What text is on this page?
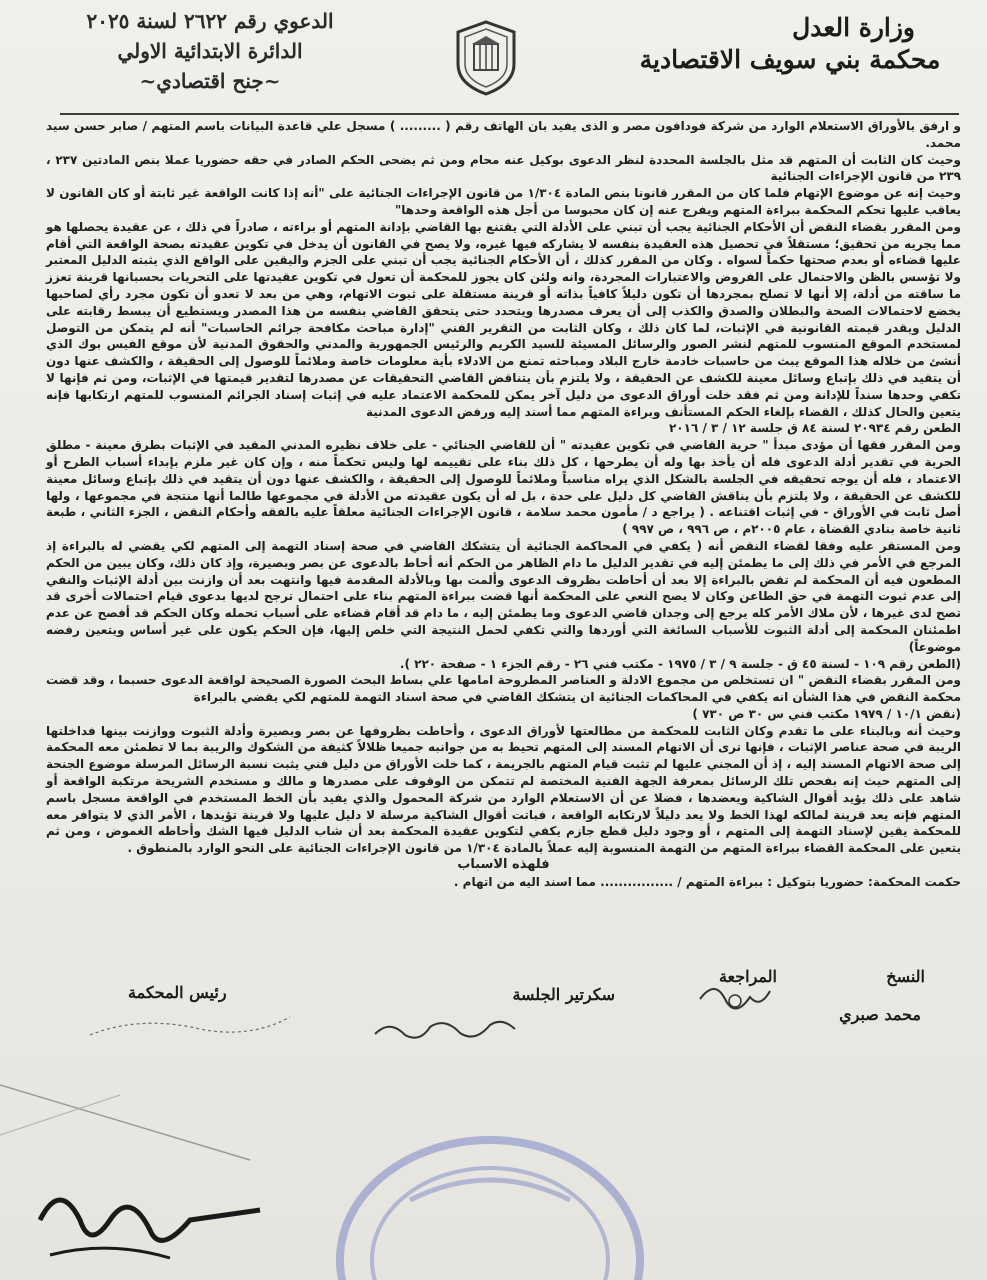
وزارة العدل
محكمة بني سويف الاقتصادية
الدعوي رقم ٢٦٢٢ لسنة ٢٠٢٥
الدائرة الابتدائية الاولي
~جنح اقتصادي~

و ارفق بالأوراق الاستعلام الوارد من شركة فودافون مصر و الذى يفيد بان الهاتف رقم ( ......... ) مسجل علي قاعدة البيانات باسم المتهم / صابر حسن سيد محمد.

وحيث كان الثابت أن المتهم قد مثل بالجلسة المحددة لنظر الدعوى بوكيل عنه محام ومن ثم يضحى الحكم الصادر في حقه حضوريا عملا بنص المادتين ٢٣٧ ، ٢٣٩ من قانون الإجراءات الجنائية

وحيث إنه عن موضوع الإتهام فلما كان من المقرر قانونا بنص المادة ١/٣٠٤ من قانون الإجراءات الجنائية على "أنه إذا كانت الواقعة غير ثابتة أو كان القانون لا يعاقب عليها تحكم المحكمة ببراءة المتهم ويفرج عنه إن كان محبوسا من أجل هذه الواقعة وحدها"

ومن المقرر بقضاء النقض أن الأحكام الجنائية يجب أن تبني على الأدلة التي يقتنع بها القاضي بإدانة المتهم أو براءته ، صادراً في ذلك ، عن عقيدة يحصلها هو مما يجريه من تحقيق؛ مستقلاً في تحصيل هذه العقيدة بنفسه لا يشاركه فيها غيره، ولا يصح في القانون أن يدخل في تكوين عقيدته بصحة الواقعة التي أقام عليها قضاءه أو بعدم صحتها حكماً لسواه . وكان من المقرر كذلك ، أن الأحكام الجنائية يجب أن تبني على الجزم واليقين على الواقع الذي يثبته الدليل المعتبر ولا تؤسس بالظن والاحتمال على الفروض والاعتبارات المجردة، وانه ولئن كان يجوز للمحكمة أن تعول في تكوين عقيدتها على التحريات بحسبانها قرينة تعزز ما ساقته من أدلة، إلا أنها لا تصلح بمجردها أن تكون دليلاً كافياً بذاته أو قرينة مستقلة على ثبوت الاتهام، وهي من بعد لا تعدو أن تكون مجرد رأي لصاحبها يخضع لاحتمالات الصحة والبطلان والصدق والكذب إلى أن يعرف مصدرها ويتحدد حتى يتحقق القاضي بنفسه من هذا المصدر ويستطيع أن يبسط رقابته على الدليل ويقدر قيمته القانونية في الإثبات، لما كان ذلك ، وكان الثابت من التقرير الفني "إدارة مباحث مكافحة جرائم الحاسبات" أنه لم يتمكن من التوصل لمستخدم الموقع المنسوب للمتهم لنشر الصور والرسائل المسيئة للسيد الكريم والرئيس الجمهورية والمدني والحقوق المدنية لأن موقع الفيس بوك الذي أنشئ من خلاله هذا الموقع يبث من حاسبات خادمة خارج البلاد ومباحثه تمنع من الادلاء بأية معلومات خاصة وملائماً للوصول إلى الحقيقة ، والكشف عنها دون أن يتقيد في ذلك بإتباع وسائل معينة للكشف عن الحقيقة ، ولا يلتزم بأن يتناقض القاضي التحقيقات عن مصدرها لتقدير قيمتها في الإثبات، ومن ثم فإنها لا تكفي وحدها سنداً للإدانة ومن ثم فقد خلت أوراق الدعوى من دليل آخر يمكن للمحكمة الاعتماد عليه في إثبات إسناد الجرائم المنسوب للمتهم ارتكابها فإنه يتعين والحال كذلك ، القضاء بإلغاء الحكم المستأنف وبراءة المتهم مما أسند إليه ورفض الدعوى المدنية

الطعن رقم ٢٠٩٣٤ لسنة ٨٤ ق جلسة ١٢ / ٣ / ٢٠١٦

ومن المقرر فقها أن مؤدى مبدأ " حرية القاضي في تكوين عقيدته " أن للقاضي الجنائي - على خلاف نظيره المدني المقيد في الإثبات بطرق معينة - مطلق الحرية في تقدير أدلة الدعوى فله أن يأخذ بها وله أن يطرحها ، كل ذلك بناء على تقييمه لها وليس تحكماً منه ، وإن كان غير ملزم بإبداء أسباب الطرح أو الاعتماد ، فله أن يوجه تحقيقه في الجلسة بالشكل الذي يراه مناسباً وملائماً للوصول إلى الحقيقة ، والكشف عنها دون أن يتقيد في ذلك بإتباع وسائل معينة للكشف عن الحقيقة ، ولا يلتزم بأن يناقش القاضي كل دليل على حدة ، بل له أن يكون عقيدته من الأدلة في مجموعها طالما أنها منتجة في مجموعها ، ولها أصل ثابت في الأوراق - في إثبات اقتناعه . ( يراجع د / مأمون محمد سلامة ، قانون الإجراءات الجنائية معلقاً عليه بالفقه وأحكام النقض ، الجزء الثاني ، طبعة ثانية خاصة بنادي القضاة ، عام ٢٠٠٥م ، ص ٩٩٦ ، ص ٩٩٧ )

ومن المستقر عليه وفقا لقضاء النقض أنه ( يكفي في المحاكمة الجنائية أن يتشكك القاضي في صحة إسناد التهمة إلى المتهم لكي يقضي له بالبراءة إذ المرجع في الأمر في ذلك إلى ما يطمئن إليه في تقدير الدليل ما دام الظاهر من الحكم أنه أحاط بالدعوى عن بصر وبصيرة، وإذ كان ذلك، وكان يبين من الحكم المطعون فيه أن المحكمة لم تقض بالبراءة إلا بعد أن أحاطت بظروف الدعوى وألمت بها وبالأدلة المقدمة فيها وانتهت بعد أن وازنت بين أدلة الإثبات والنفي إلى عدم ثبوت التهمة في حق الطاعن وكان لا يصح النعي على المحكمة أنها قضت ببراءة المتهم بناء على احتمال ترجح لديها بدعوى قيام احتمالات أخرى قد تصح لدى غيرها ، لأن ملاك الأمر كله يرجع إلى وجدان قاضي الدعوى وما يطمئن إليه ، ما دام قد أقام قضاءه على أسباب تحمله وكان الحكم قد أفصح عن عدم اطمئنان المحكمة إلى أدلة الثبوت للأسباب السائغة التي أوردها والتي تكفي لحمل النتيجة التي خلص إليها، فإن الحكم يكون على غير أساس ويتعين رفضه موضوعاً)

(الطعن رقم ١٠٩ - لسنة ٤٥ ق - جلسة ٩ / ٣ / ١٩٧٥ - مكتب فني ٢٦ - رقم الجزء ١ - صفحة ٢٢٠ ).

ومن المقرر بقضاء النقض " ان تستخلص من مجموع الادلة و العناصر المطروحة امامها علي بساط البحث الصورة الصحيحة لواقعة الدعوى حسبما ، وقد قضت محكمة النقض في هذا الشأن انه يكفي في المحاكمات الجنائية ان يتشكك القاضي في صحة اسناد التهمة للمتهم لكي يقضي بالبراءة

(نقض ١٠/١ / ١٩٧٩ مكتب فني س ٣٠ ص ٧٣٠ )

وحيث أنه وبالبناء على ما تقدم وكان الثابت للمحكمة من مطالعتها لأوراق الدعوى ، وأحاطت بظروفها عن بصر وبصيرة وأدلة الثبوت ووازنت بينها فداخلتها الريبة في صحة عناصر الإثبات ، فإنها ترى أن الاتهام المسند إلى المتهم تحيط به من جوانبه جميعا ظلالاً كثيفة من الشكوك والريبة بما لا تطمئن معه المحكمة إلى صحة الاتهام المسند إليه ، إذ أن المجني عليها لم تثبت قيام المتهم بالجريمة ، كما خلت الأوراق من دليل فني يثبت نسبة الرسائل المرسلة موضوع الجنحة إلى المتهم حيث إنه بفحص تلك الرسائل بمعرفة الجهة الفنية المختصة لم تتمكن من الوقوف على مصدرها و مالك و مستخدم الشريحة مرتكبة الواقعة أو شاهد على ذلك يؤيد أقوال الشاكية ويعضدها ، فضلا عن أن الاستعلام الوارد من شركة المحمول والذي يفيد بأن الخط المستخدم في الواقعة مسجل باسم المتهم فإنه يعد قرينة لمالكه لهذا الخط ولا يعد دليلاً لارتكابه الواقعة ، فباتت أقوال الشاكية مرسلة لا دليل عليها ولا قرينة تؤيدها ، الأمر الذي لا يتوافر معه للمحكمة يقين لإسناد التهمة إلى المتهم ، أو وجود دليل قطع جازم يكفي لتكوين عقيدة المحكمة بعد أن شاب الدليل فيها الشك وأحاطه الغموض ، ومن ثم يتعين على المحكمة القضاء ببراءة المتهم من التهمة المنسوبة إليه عملاً بالمادة ١/٣٠٤ من قانون الإجراءات الجنائية على النحو الوارد بالمنطوق .

فلهذه الاسباب

حكمت المحكمة: حضوريا بتوكيل : ببراءة المتهم / ................ مما اسند اليه من اتهام .

النسخ
محمد صبري
المراجعة
سكرتير الجلسة
رئيس المحكمة
